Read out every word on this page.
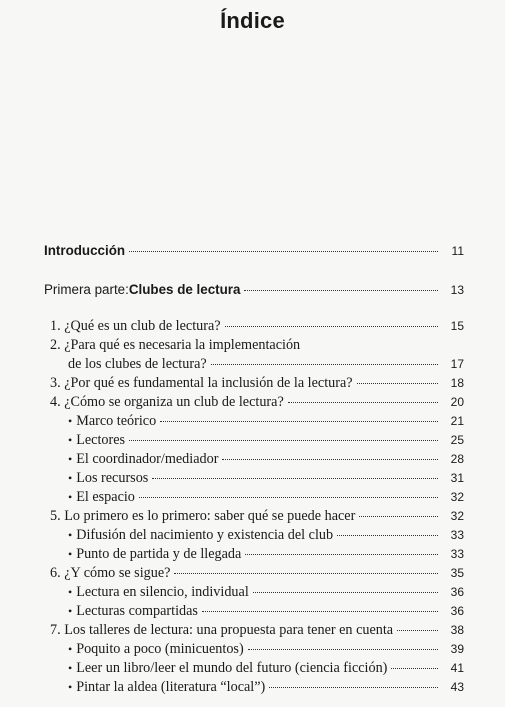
Índice
Introducción	11
Primera parte: Clubes de lectura	13
1. ¿Qué es un club de lectura?	15
2. ¿Para qué es necesaria la implementación
de los clubes de lectura?	17
3. ¿Por qué es fundamental la inclusión de la lectura?	18
4. ¿Cómo se organiza un club de lectura?	20
• Marco teórico	21
• Lectores	25
• El coordinador/mediador	28
• Los recursos	31
• El espacio	32
5. Lo primero es lo primero: saber qué se puede hacer	32
• Difusión del nacimiento y existencia del club	33
• Punto de partida y de llegada	33
6. ¿Y cómo se sigue?	35
• Lectura en silencio, individual	36
• Lecturas compartidas	36
7. Los talleres de lectura: una propuesta para tener en cuenta	38
• Poquito a poco (minicuentos)	39
• Leer un libro/leer el mundo del futuro (ciencia ficción)	41
• Pintar la aldea (literatura “local”)	43
